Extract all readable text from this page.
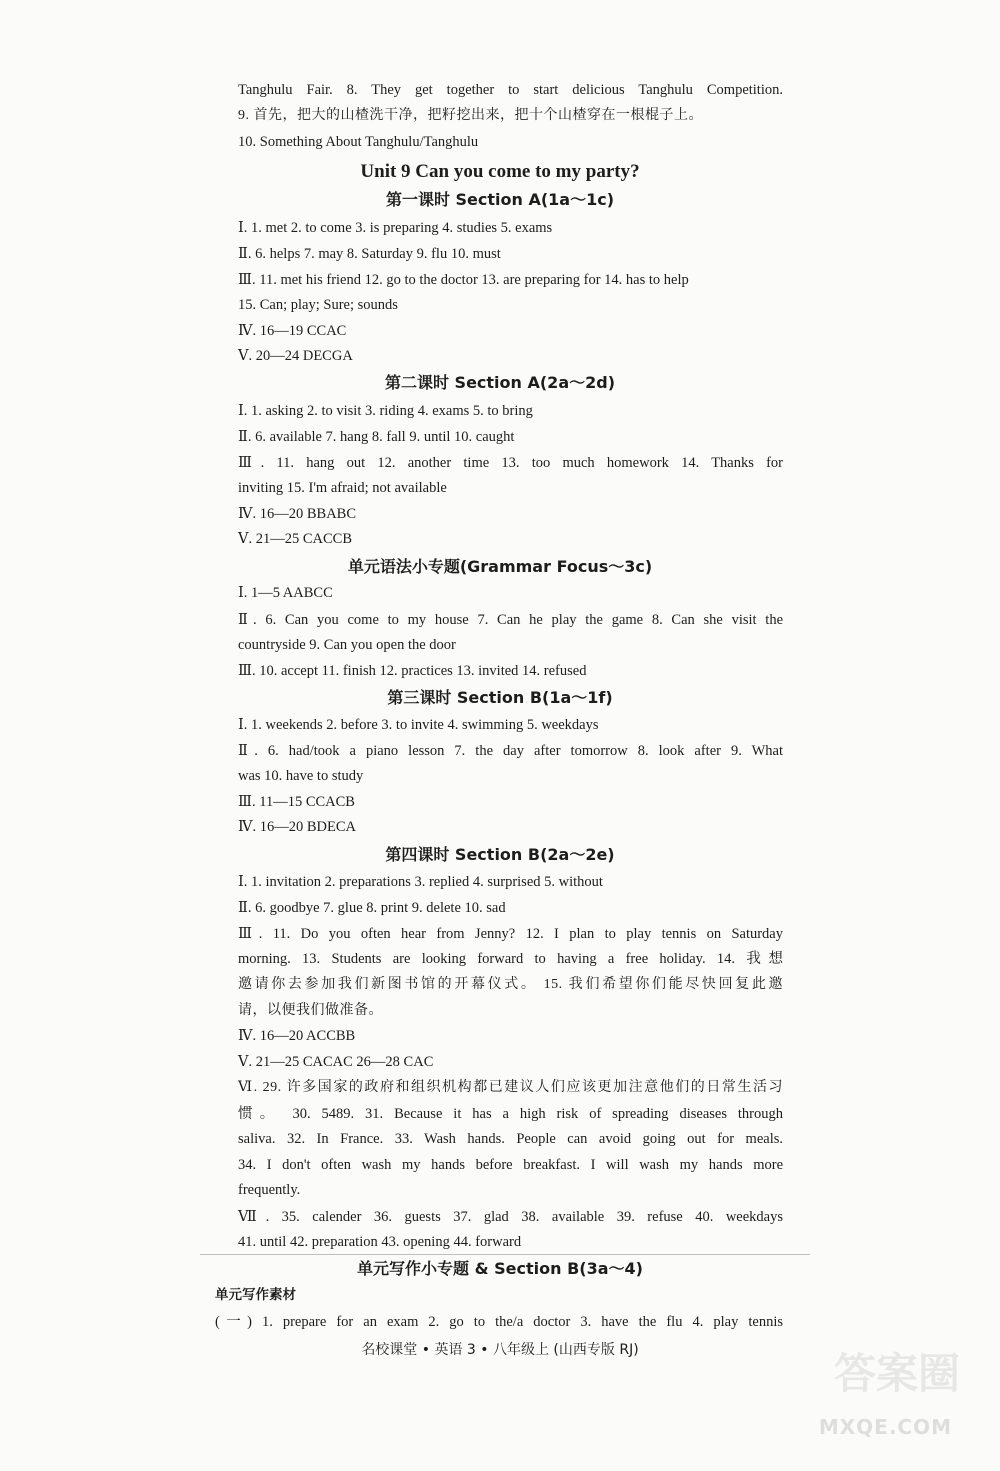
Tanghulu Fair. 8. They get together to start delicious Tanghulu Competition.
9. 首先，把大的山楂洗干净，把籽挖出来，把十个山楂穿在一根棍子上。
10. Something About Tanghulu/Tanghulu
Unit 9 Can you come to my party?
第一课时 Section A(1a～1c)
Ⅰ. 1. met 2. to come 3. is preparing 4. studies 5. exams
Ⅱ. 6. helps 7. may 8. Saturday 9. flu 10. must
Ⅲ. 11. met his friend 12. go to the doctor 13. are preparing for 14. has to help
15. Can; play; Sure; sounds
Ⅳ. 16—19 CCAC
Ⅴ. 20—24 DECGA
第二课时 Section A(2a～2d)
Ⅰ. 1. asking 2. to visit 3. riding 4. exams 5. to bring
Ⅱ. 6. available 7. hang 8. fall 9. until 10. caught
Ⅲ. 11. hang out 12. another time 13. too much homework 14. Thanks for
inviting 15. I'm afraid; not available
Ⅳ. 16—20 BBABC
Ⅴ. 21—25 CACCB
单元语法小专题(Grammar Focus～3c)
Ⅰ. 1—5 AABCC
Ⅱ. 6. Can you come to my house 7. Can he play the game 8. Can she visit the
countryside 9. Can you open the door
Ⅲ. 10. accept 11. finish 12. practices 13. invited 14. refused
第三课时 Section B(1a～1f)
Ⅰ. 1. weekends 2. before 3. to invite 4. swimming 5. weekdays
Ⅱ. 6. had/took a piano lesson 7. the day after tomorrow 8. look after 9. What
was 10. have to study
Ⅲ. 11—15 CCACB
Ⅳ. 16—20 BDECA
第四课时 Section B(2a～2e)
Ⅰ. 1. invitation 2. preparations 3. replied 4. surprised 5. without
Ⅱ. 6. goodbye 7. glue 8. print 9. delete 10. sad
Ⅲ. 11. Do you often hear from Jenny? 12. I plan to play tennis on Saturday
morning. 13. Students are looking forward to having a free holiday. 14. 我想
邀请你去参加我们新图书馆的开幕仪式。 15. 我们希望你们能尽快回复此邀
请，以便我们做准备。
Ⅳ. 16—20 ACCBB
Ⅴ. 21—25 CACAC 26—28 CAC
Ⅵ. 29. 许多国家的政府和组织机构都已建议人们应该更加注意他们的日常生活习
惯。 30. 5489. 31. Because it has a high risk of spreading diseases through
saliva. 32. In France. 33. Wash hands. People can avoid going out for meals.
34. I don't often wash my hands before breakfast. I will wash my hands more
frequently.
Ⅶ. 35. calender 36. guests 37. glad 38. available 39. refuse 40. weekdays
41. until 42. preparation 43. opening 44. forward
单元写作小专题 & Section B(3a～4)
单元写作素材
(一) 1. prepare for an exam 2. go to the/a doctor 3. have the flu 4. play tennis
名校课堂 • 英语 3 • 八年级上 (山西专版 RJ)	答案圈
MXQE.COM
